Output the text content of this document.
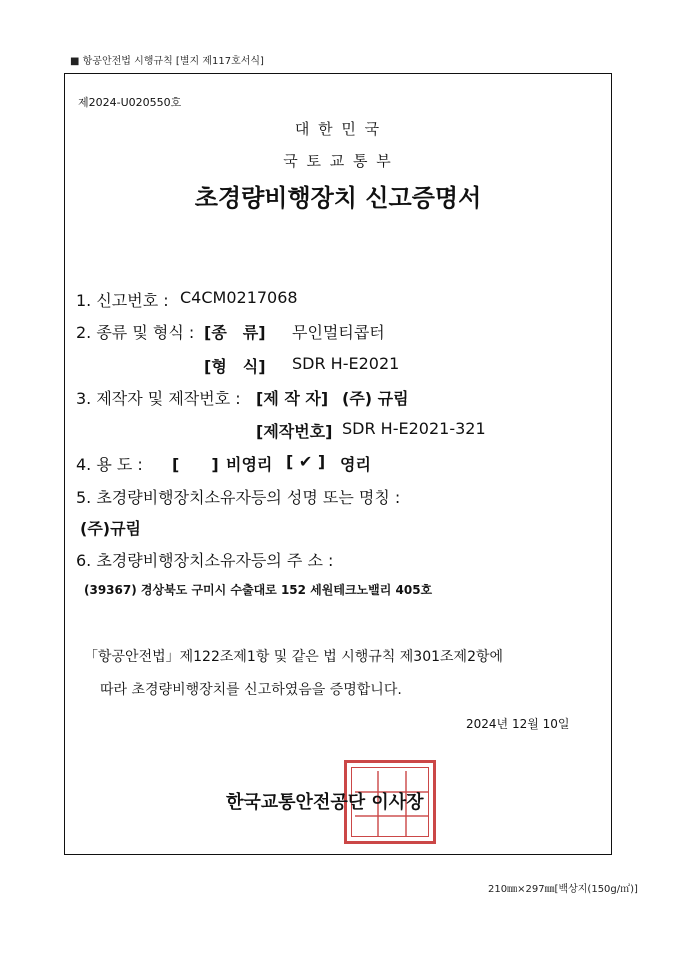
■ 항공안전법 시행규칙 [별지 제117호서식]
제2024-U020550호
대 한 민 국
국 토 교 통 부
초경량비행장치 신고증명서
1. 신고번호 : C4CM0217068
2. 종류 및 형식 : [종　류] 무인멀티콥터
[형　식] SDR H-E2021
3. 제작자 및 제작번호 : [제 작 자] (주) 규림
[제작번호] SDR H-E2021-321
4. 용 도 : [　　] 비영리 [ ✔ ] 영리
5. 초경량비행장치소유자등의 성명 또는 명칭 :
(주)규림
6. 초경량비행장치소유자등의 주 소 :
(39367) 경상북도 구미시 수출대로 152 세원테크노밸리 405호
「항공안전법」제122조제1항 및 같은 법 시행규칙 제301조제2항에
따라 초경량비행장치를 신고하였음을 증명합니다.
2024년 12월 10일
한국교통안전공단 이사장
210㎜×297㎜[백상지(150g/㎡)]
